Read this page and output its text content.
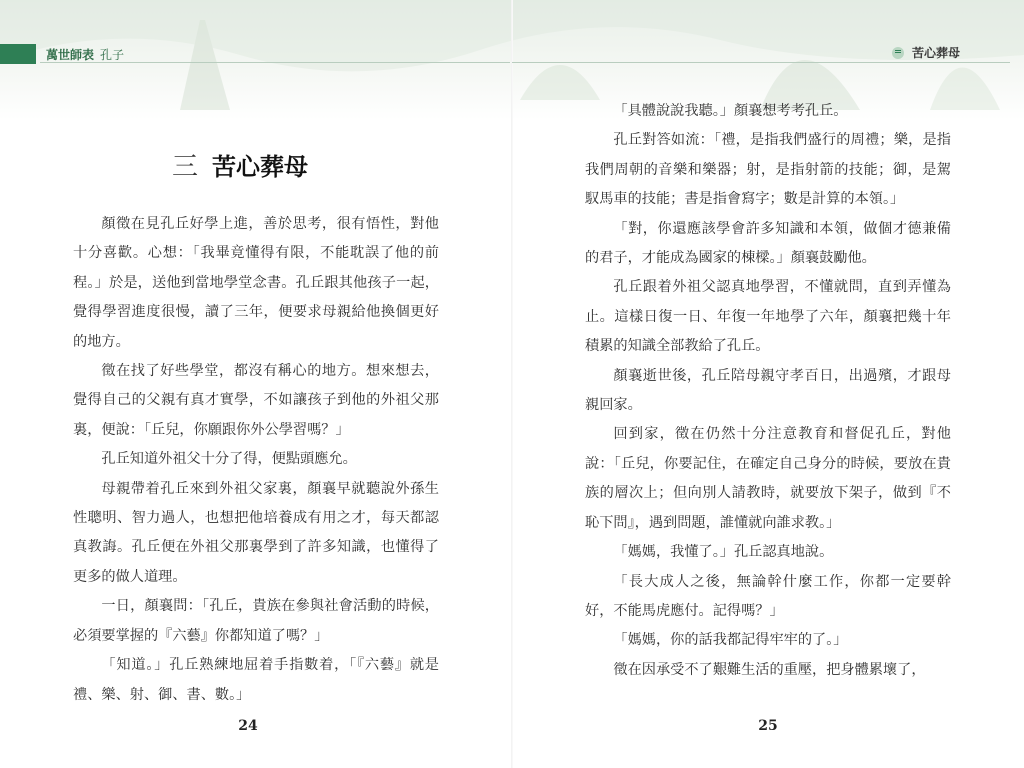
萬世師表 孔子
三 苦心葬母

顏徵在見孔丘好學上進，善於思考，很有悟性，對他十分喜歡。心想：「我畢竟懂得有限，不能耽誤了他的前程。」於是，送他到當地學堂念書。孔丘跟其他孩子一起，覺得學習進度很慢，讀了三年，便要求母親給他換個更好的地方。

徵在找了好些學堂，都沒有稱心的地方。想來想去，覺得自己的父親有真才實學，不如讓孩子到他的外祖父那裏，便說：「丘兒，你願跟你外公學習嗎？」

孔丘知道外祖父十分了得，便點頭應允。

母親帶着孔丘來到外祖父家裏，顏襄早就聽說外孫生性聰明、智力過人，也想把他培養成有用之才，每天都認真教誨。孔丘便在外祖父那裏學到了許多知識，也懂得了更多的做人道理。

一日，顏襄問：「孔丘，貴族在參與社會活動的時候，必須要掌握的『六藝』你都知道了嗎？」

「知道。」孔丘熟練地屈着手指數着，「『六藝』就是禮、樂、射、御、書、數。」

24
苦心葬母

「具體說說我聽。」顏襄想考考孔丘。

孔丘對答如流：「禮，是指我們盛行的周禮；樂，是指我們周朝的音樂和樂器；射，是指射箭的技能；御，是駕馭馬車的技能；書是指會寫字；數是計算的本領。」

「對，你還應該學會許多知識和本領，做個才德兼備的君子，才能成為國家的棟樑。」顏襄鼓勵他。

孔丘跟着外祖父認真地學習，不懂就問，直到弄懂為止。這樣日復一日、年復一年地學了六年，顏襄把幾十年積累的知識全部教給了孔丘。

顏襄逝世後，孔丘陪母親守孝百日，出過殯，才跟母親回家。

回到家，徵在仍然十分注意教育和督促孔丘，對他說：「丘兒，你要記住，在確定自己身分的時候，要放在貴族的層次上；但向別人請教時，就要放下架子，做到『不恥下問』，遇到問題，誰懂就向誰求教。」

「媽媽，我懂了。」孔丘認真地說。

「長大成人之後，無論幹什麼工作，你都一定要幹好，不能馬虎應付。記得嗎？」

「媽媽，你的話我都記得牢牢的了。」

徵在因承受不了艱難生活的重壓，把身體累壞了，

25
